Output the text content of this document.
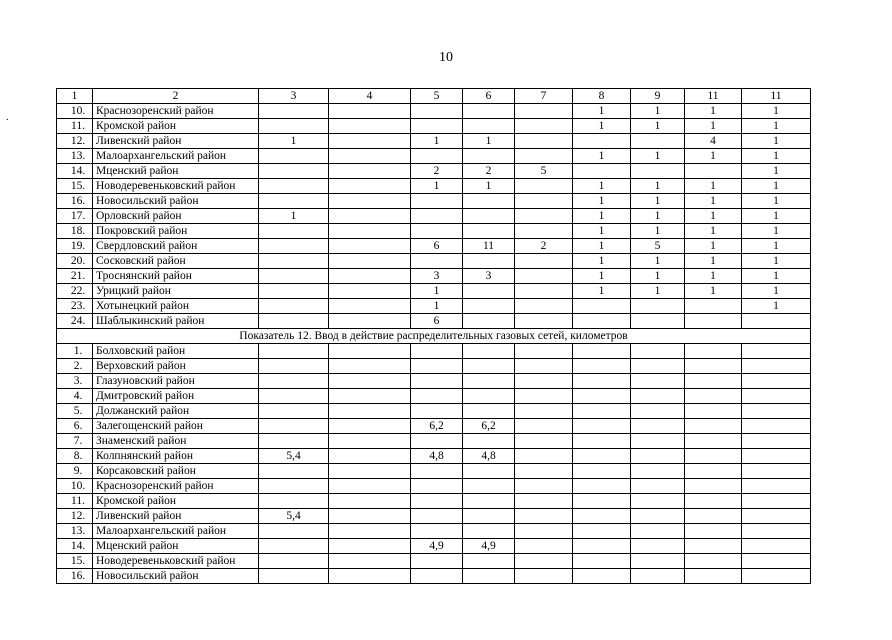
10
.
1	2	3	4	5	6	7	8	9	11	11
10.	Краснозоренский район						1	1	1	1
11.	Кромской район						1	1	1	1
12.	Ливенский район	1		1	1				4	1
13.	Малоархангельский район						1	1	1	1
14.	Мценский район			2	2	5				1
15.	Новодеревеньковский район			1	1		1	1	1	1
16.	Новосильский район						1	1	1	1
17.	Орловский район	1					1	1	1	1
18.	Покровский район						1	1	1	1
19.	Свердловский район			6	11	2	1	5	1	1
20.	Сосковский район						1	1	1	1
21.	Троснянский район			3	3		1	1	1	1
22.	Урицкий район			1			1	1	1	1
23.	Хотынецкий район			1						1
24.	Шаблыкинский район			6						
Показатель 12. Ввод в действие распределительных газовых сетей, километров										
1.	Болховский район									
2.	Верховский район									
3.	Глазуновский район									
4.	Дмитровский район									
5.	Должанский район									
6.	Залегощенский район			6,2	6,2					
7.	Знаменский район									
8.	Колпнянский район	5,4		4,8	4,8					
9.	Корсаковский район									
10.	Краснозоренский район									
11.	Кромской район									
12.	Ливенский район	5,4								
13.	Малоархангельский район									
14.	Мценский район			4,9	4,9					
15.	Новодеревеньковский район									
16.	Новосильский район									
